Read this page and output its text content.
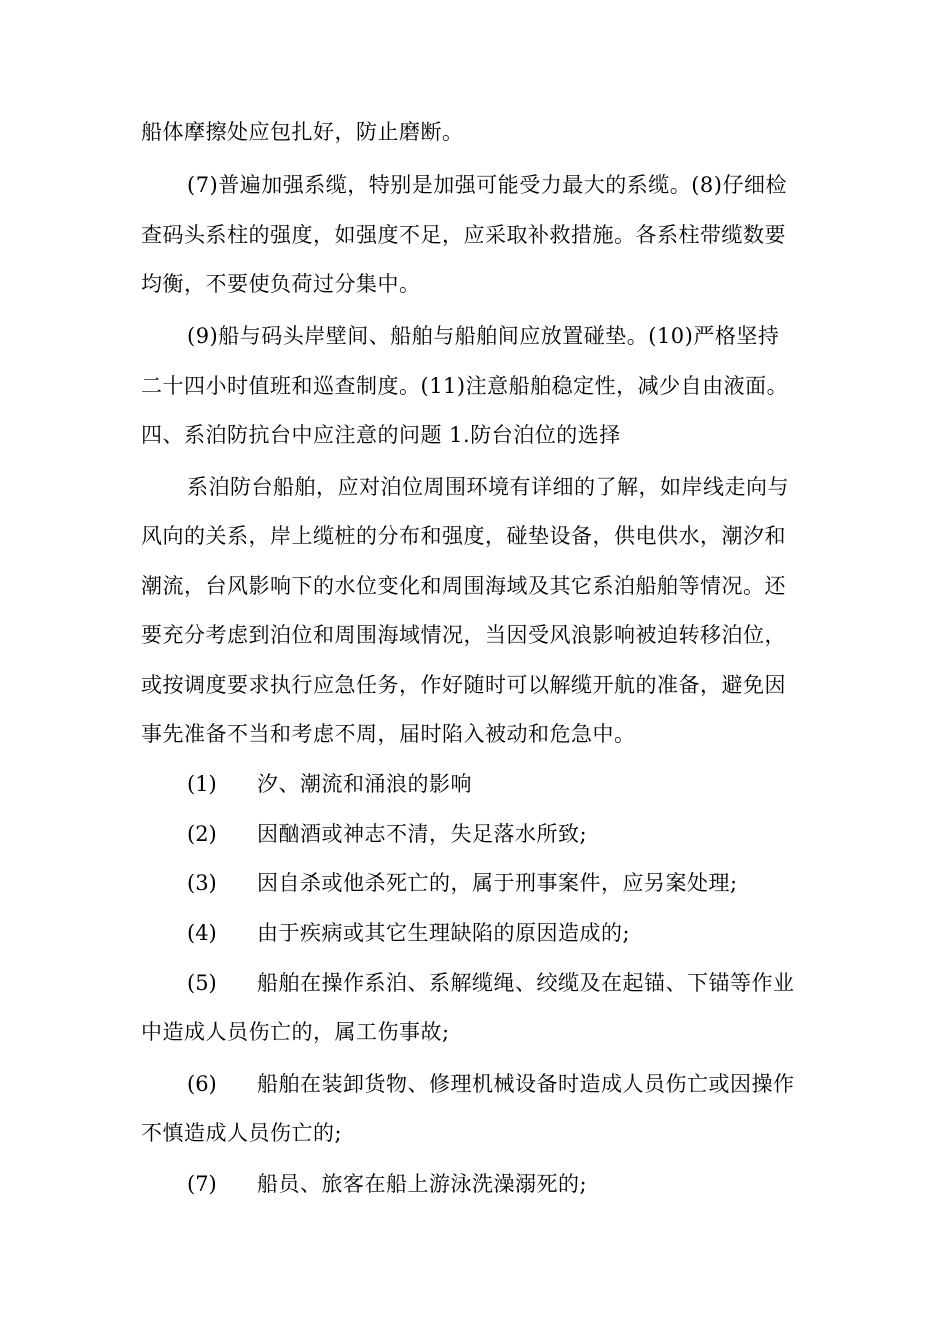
船体摩擦处应包扎好，防止磨断。
(7)普遍加强系缆，特别是加强可能受力最大的系缆。(8)仔细检
查码头系柱的强度，如强度不足，应采取补救措施。各系柱带缆数要
均衡，不要使负荷过分集中。
(9)船与码头岸壁间、船舶与船舶间应放置碰垫。(10)严格坚持
二十四小时值班和巡查制度。(11)注意船舶稳定性，减少自由液面。
四、系泊防抗台中应注意的问题 1.防台泊位的选择
系泊防台船舶，应对泊位周围环境有详细的了解，如岸线走向与
风向的关系，岸上缆桩的分布和强度，碰垫设备，供电供水，潮汐和
潮流，台风影响下的水位变化和周围海域及其它系泊船舶等情况。还
要充分考虑到泊位和周围海域情况，当因受风浪影响被迫转移泊位，
或按调度要求执行应急任务，作好随时可以解缆开航的准备，避免因
事先准备不当和考虑不周，届时陷入被动和危急中。
(1) 汐、潮流和涌浪的影响
(2) 因酗酒或神志不清，失足落水所致;
(3) 因自杀或他杀死亡的，属于刑事案件，应另案处理;
(4) 由于疾病或其它生理缺陷的原因造成的;
(5) 船舶在操作系泊、系解缆绳、绞缆及在起锚、下锚等作业
中造成人员伤亡的，属工伤事故;
(6) 船舶在装卸货物、修理机械设备时造成人员伤亡或因操作
不慎造成人员伤亡的;
(7) 船员、旅客在船上游泳洗澡溺死的;
